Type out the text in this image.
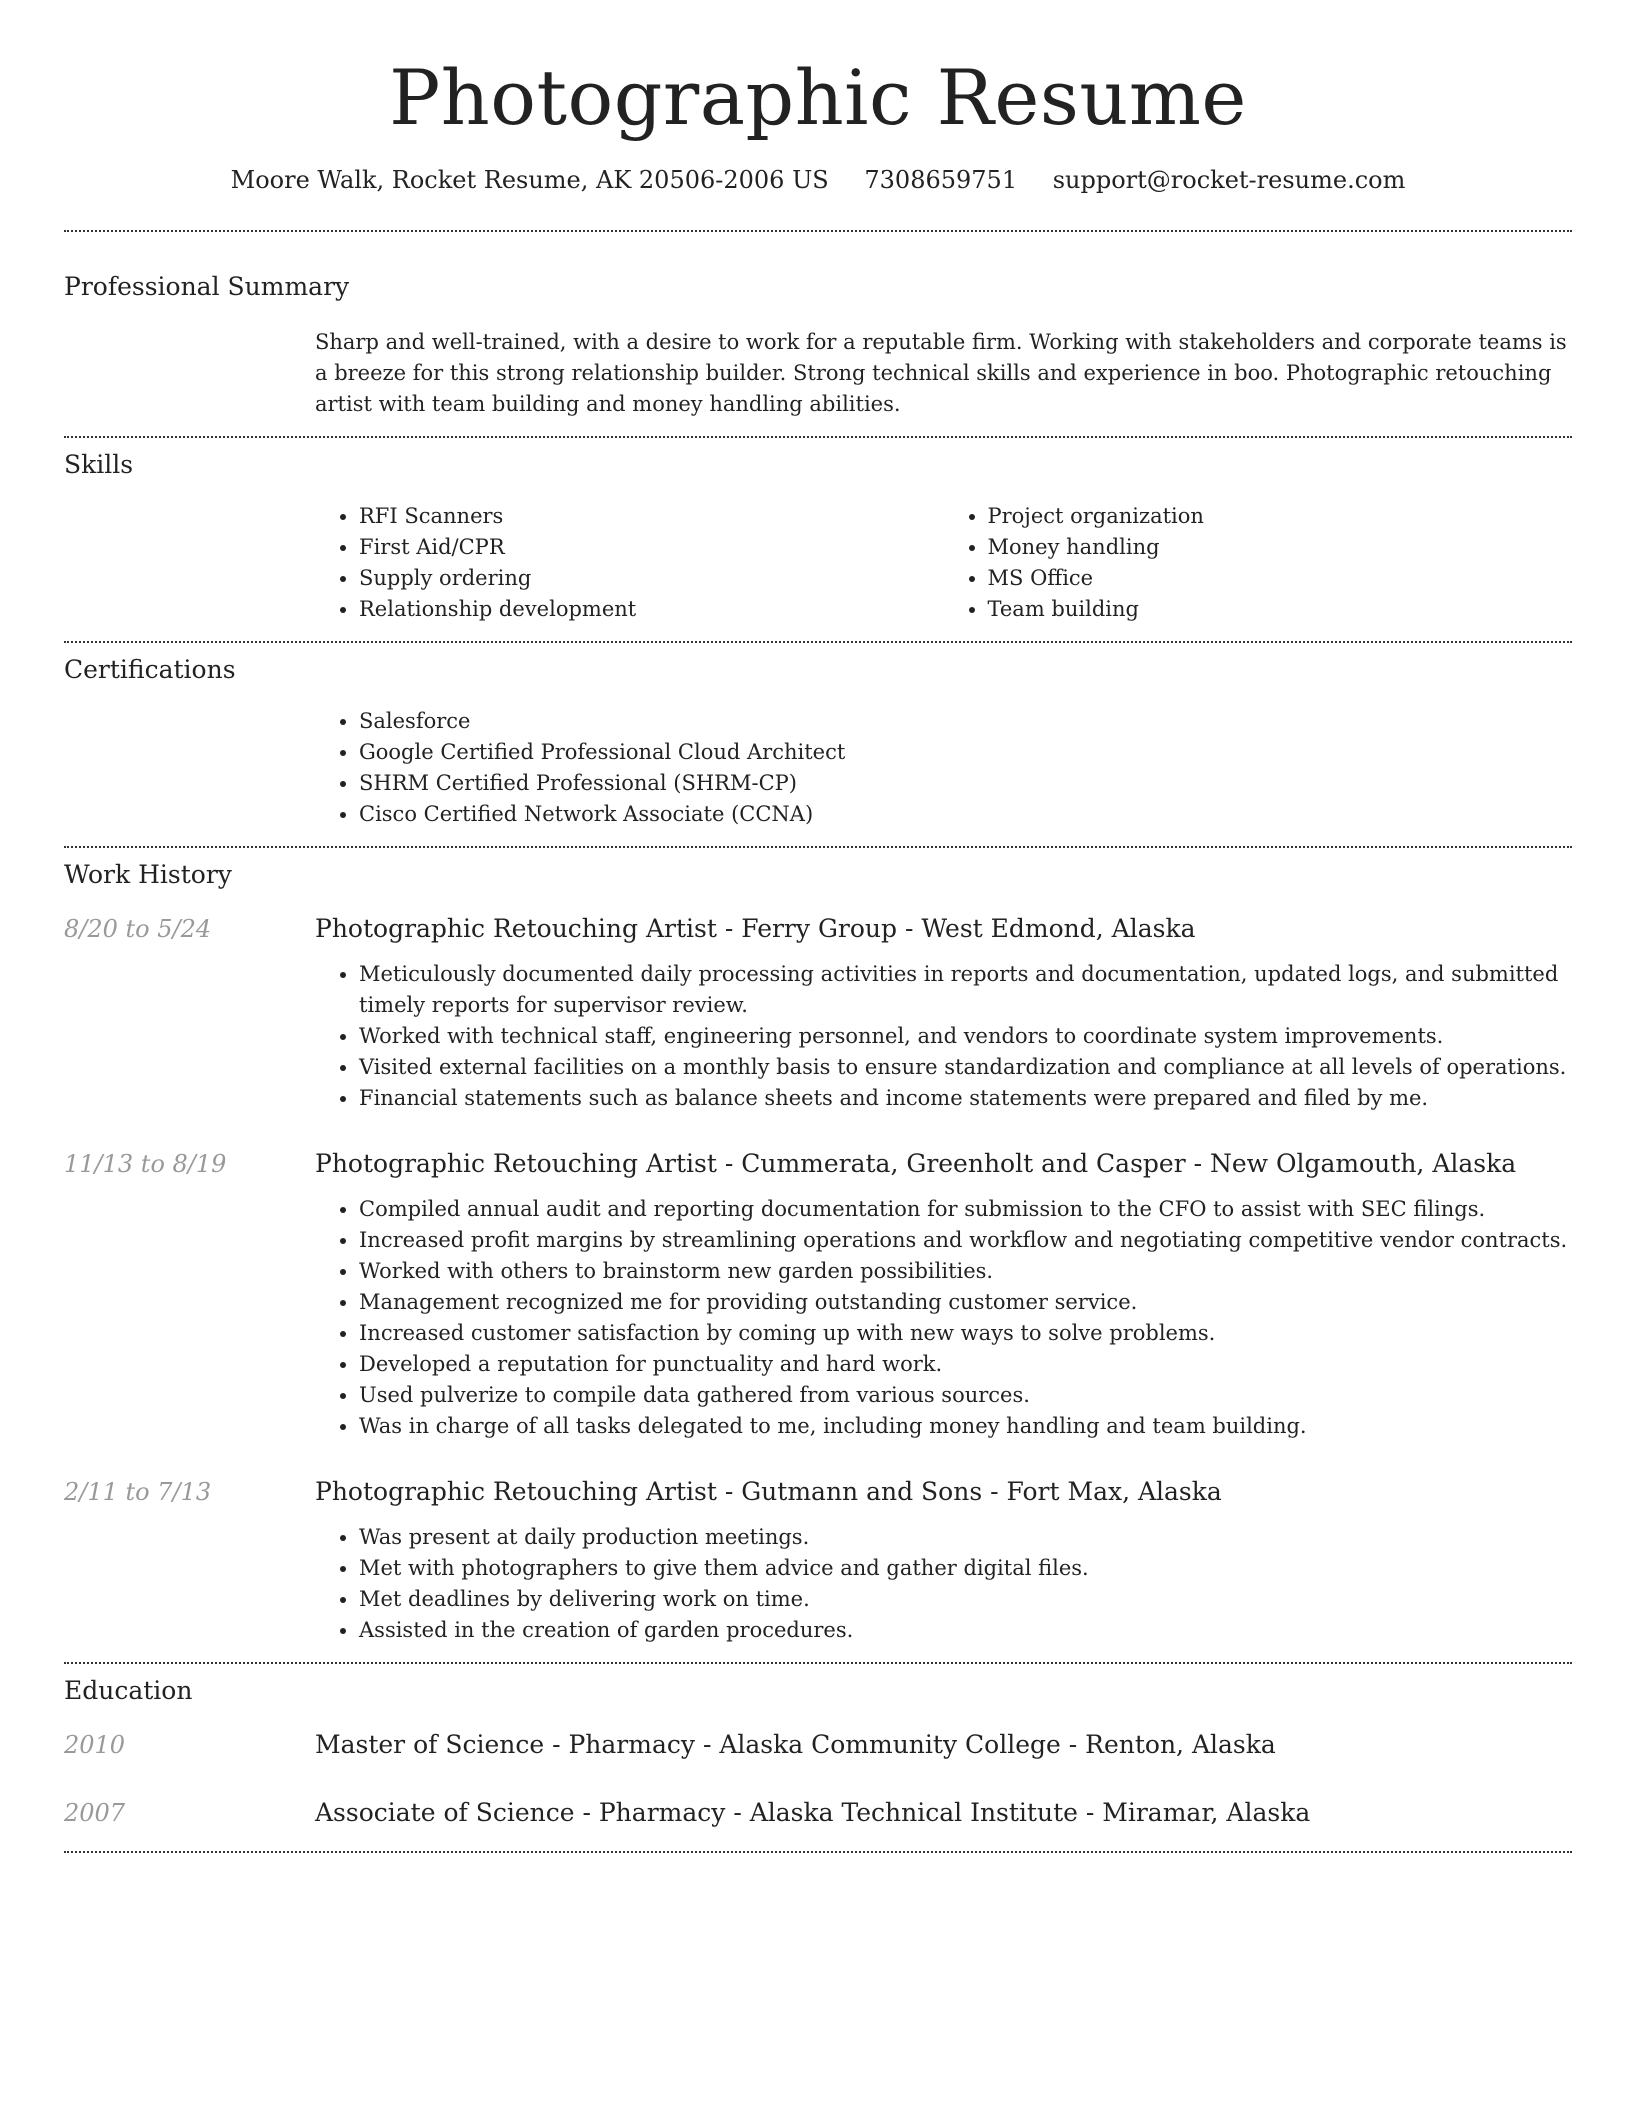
Photographic Resume
Moore Walk, Rocket Resume, AK 20506-2006 US 7308659751 support@rocket-resume.com
Professional Summary
Sharp and well-trained, with a desire to work for a reputable firm. Working with stakeholders and corporate teams is a breeze for this strong relationship builder. Strong technical skills and experience in boo. Photographic retouching artist with team building and money handling abilities.
Skills
• RFI Scanners
• First Aid/CPR
• Supply ordering
• Relationship development
• Project organization
• Money handling
• MS Office
• Team building
Certifications
• Salesforce
• Google Certified Professional Cloud Architect
• SHRM Certified Professional (SHRM-CP)
• Cisco Certified Network Associate (CCNA)
Work History
8/20 to 5/24	Photographic Retouching Artist - Ferry Group - West Edmond, Alaska
• Meticulously documented daily processing activities in reports and documentation, updated logs, and submitted timely reports for supervisor review.
• Worked with technical staff, engineering personnel, and vendors to coordinate system improvements.
• Visited external facilities on a monthly basis to ensure standardization and compliance at all levels of operations.
• Financial statements such as balance sheets and income statements were prepared and filed by me.
11/13 to 8/19	Photographic Retouching Artist - Cummerata, Greenholt and Casper - New Olgamouth, Alaska
• Compiled annual audit and reporting documentation for submission to the CFO to assist with SEC filings.
• Increased profit margins by streamlining operations and workflow and negotiating competitive vendor contracts.
• Worked with others to brainstorm new garden possibilities.
• Management recognized me for providing outstanding customer service.
• Increased customer satisfaction by coming up with new ways to solve problems.
• Developed a reputation for punctuality and hard work.
• Used pulverize to compile data gathered from various sources.
• Was in charge of all tasks delegated to me, including money handling and team building.
2/11 to 7/13	Photographic Retouching Artist - Gutmann and Sons - Fort Max, Alaska
• Was present at daily production meetings.
• Met with photographers to give them advice and gather digital files.
• Met deadlines by delivering work on time.
• Assisted in the creation of garden procedures.
Education
2010	Master of Science - Pharmacy - Alaska Community College - Renton, Alaska
2007	Associate of Science - Pharmacy - Alaska Technical Institute - Miramar, Alaska
